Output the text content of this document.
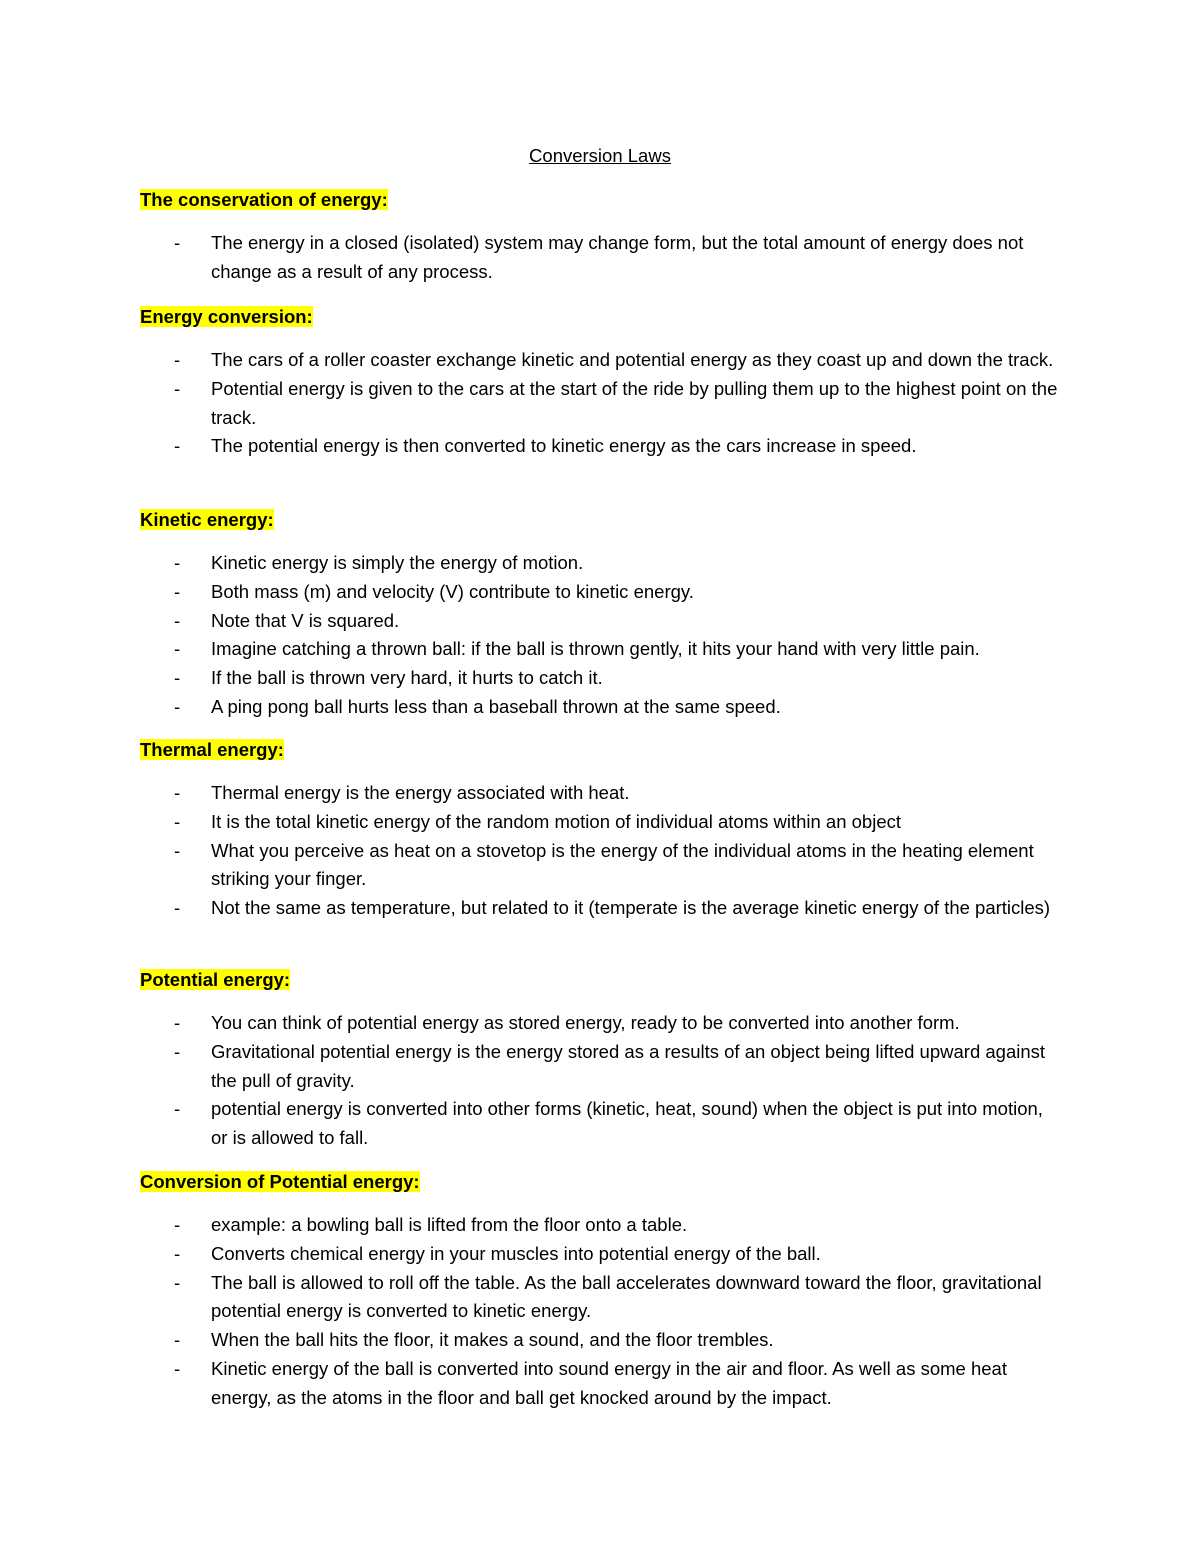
Conversion Laws

The conservation of energy:

- The energy in a closed (isolated) system may change form, but the total amount of energy does not change as a result of any process.

Energy conversion:

- The cars of a roller coaster exchange kinetic and potential energy as they coast up and down the track.
- Potential energy is given to the cars at the start of the ride by pulling them up to the highest point on the track.
- The potential energy is then converted to kinetic energy as the cars increase in speed.

Kinetic energy:

- Kinetic energy is simply the energy of motion.
- Both mass (m) and velocity (V) contribute to kinetic energy.
- Note that V is squared.
- Imagine catching a thrown ball: if the ball is thrown gently, it hits your hand with very little pain.
- If the ball is thrown very hard, it hurts to catch it.
- A ping pong ball hurts less than a baseball thrown at the same speed.

Thermal energy:

- Thermal energy is the energy associated with heat.
- It is the total kinetic energy of the random motion of individual atoms within an object
- What you perceive as heat on a stovetop is the energy of the individual atoms in the heating element striking your finger.
- Not the same as temperature, but related to it (temperate is the average kinetic energy of the particles)

Potential energy:

- You can think of potential energy as stored energy, ready to be converted into another form.
- Gravitational potential energy is the energy stored as a results of an object being lifted upward against the pull of gravity.
- potential energy is converted into other forms (kinetic, heat, sound) when the object is put into motion, or is allowed to fall.

Conversion of Potential energy:

- example: a bowling ball is lifted from the floor onto a table.
- Converts chemical energy in your muscles into potential energy of the ball.
- The ball is allowed to roll off the table. As the ball accelerates downward toward the floor, gravitational potential energy is converted to kinetic energy.
- When the ball hits the floor, it makes a sound, and the floor trembles.
- Kinetic energy of the ball is converted into sound energy in the air and floor. As well as some heat energy, as the atoms in the floor and ball get knocked around by the impact.
